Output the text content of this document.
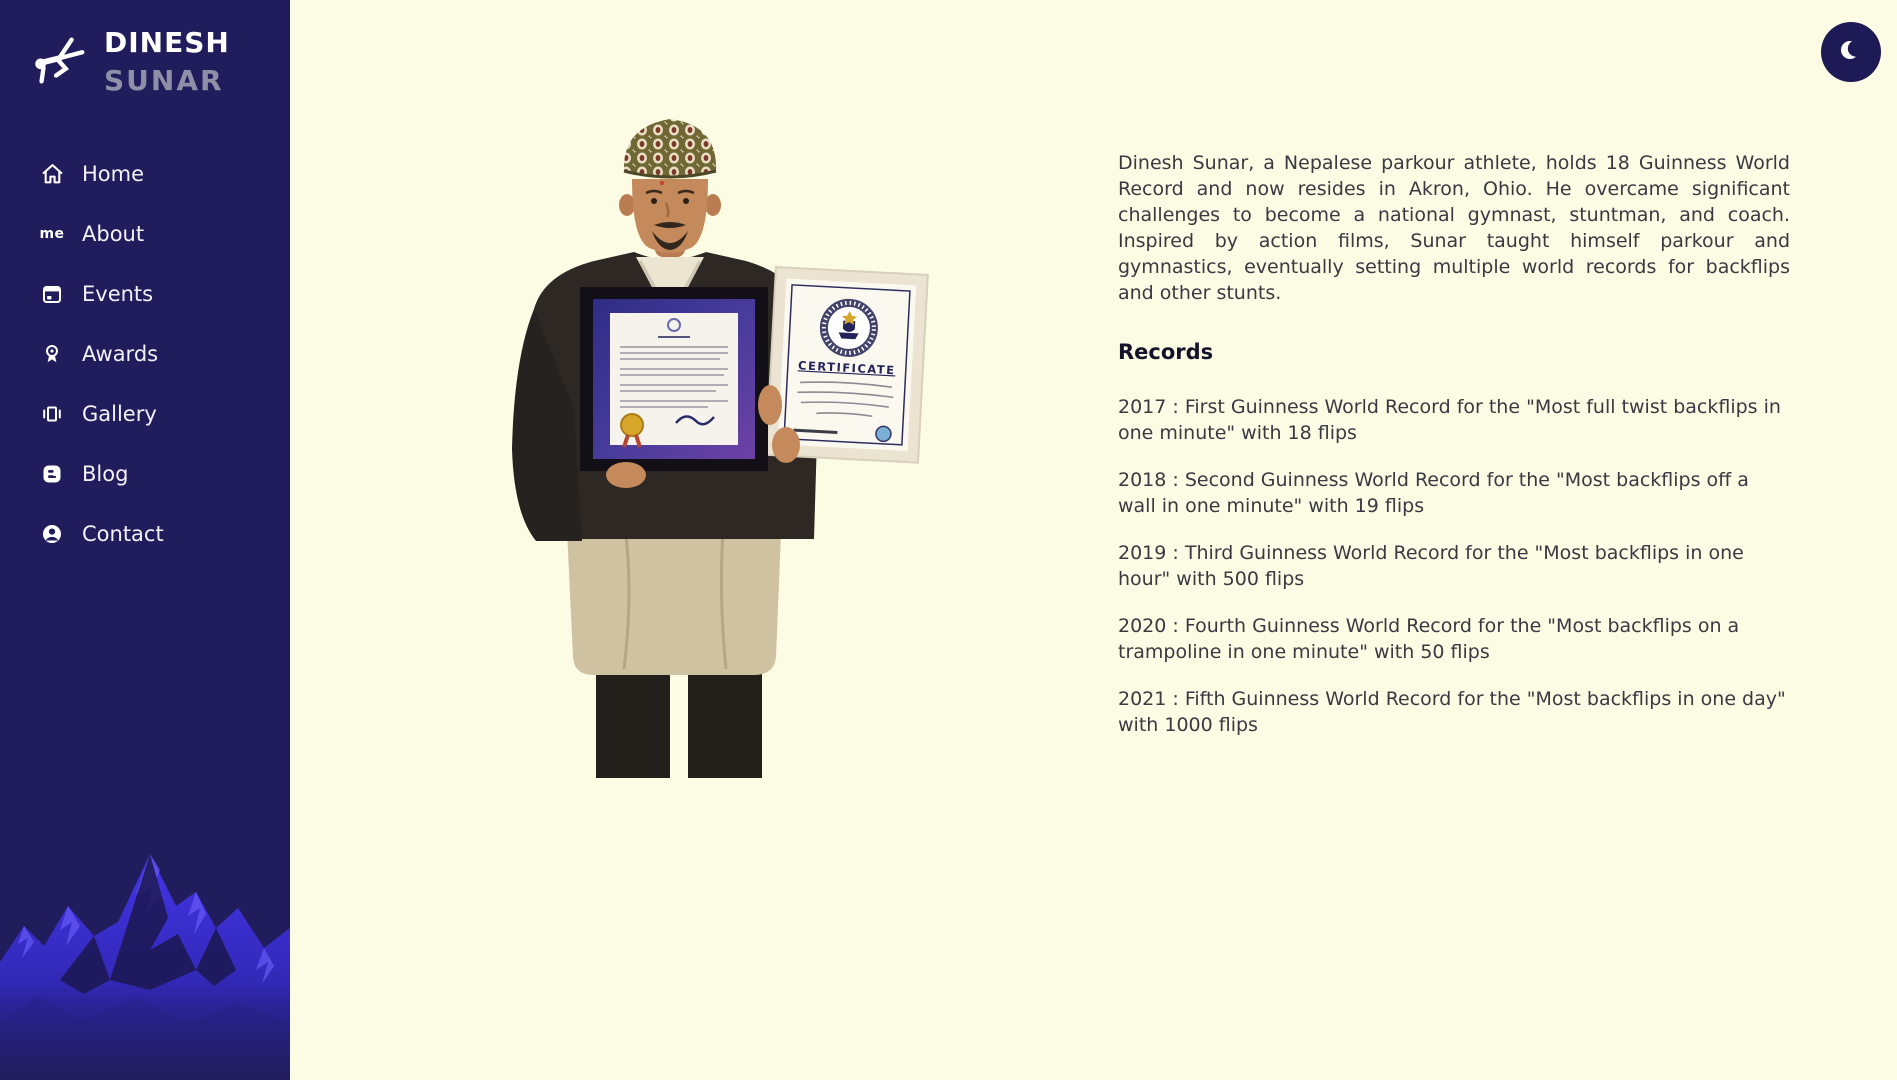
DINESH
SUNAR
Home
me About
Events
Awards
Gallery
Blog
Contact
CERTIFICATE

Dinesh Sunar, a Nepalese parkour athlete, holds 18 Guinness World Record and now resides in Akron, Ohio. He overcame significant challenges to become a national gymnast, stuntman, and coach. Inspired by action films, Sunar taught himself parkour and gymnastics, eventually setting multiple world records for backflips and other stunts.

Records

2017 : First Guinness World Record for the "Most full twist backflips in one minute" with 18 flips

2018 : Second Guinness World Record for the "Most backflips off a wall in one minute" with 19 flips

2019 : Third Guinness World Record for the "Most backflips in one hour" with 500 flips

2020 : Fourth Guinness World Record for the "Most backflips on a trampoline in one minute" with 50 flips

2021 : Fifth Guinness World Record for the "Most backflips in one day" with 1000 flips
